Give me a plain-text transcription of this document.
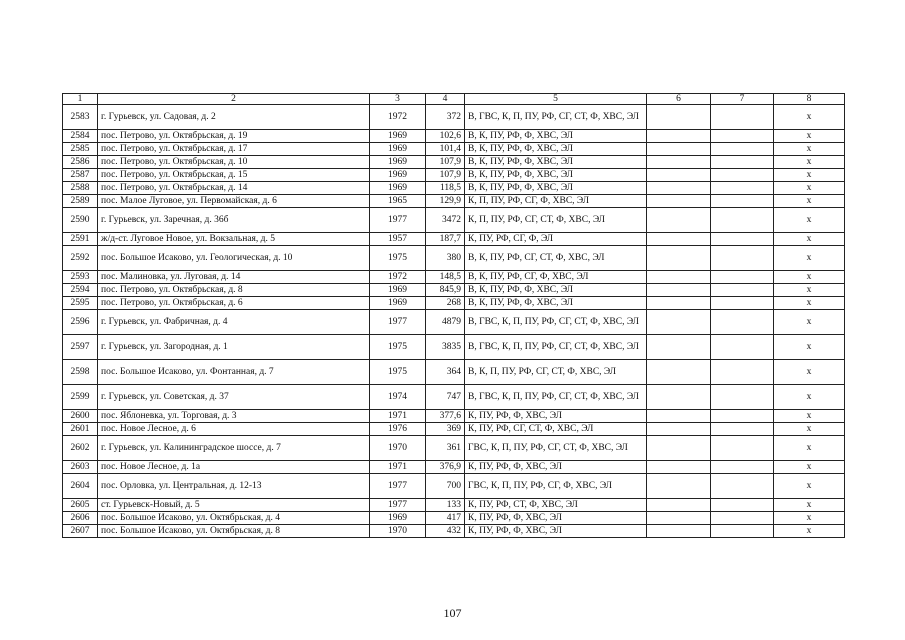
1	2	3	4	5	6	7	8
2583	г. Гурьевск, ул. Садовая, д. 2	1972	372	В, ГВС, К, П, ПУ, РФ, СГ, СТ, Ф, ХВС, ЭЛ			х
2584	пос. Петрово, ул. Октябрьская, д. 19	1969	102,6	В, К, ПУ, РФ, Ф, ХВС, ЭЛ			х
2585	пос. Петрово, ул. Октябрьская, д. 17	1969	101,4	В, К, ПУ, РФ, Ф, ХВС, ЭЛ			х
2586	пос. Петрово, ул. Октябрьская, д. 10	1969	107,9	В, К, ПУ, РФ, Ф, ХВС, ЭЛ			х
2587	пос. Петрово, ул. Октябрьская, д. 15	1969	107,9	В, К, ПУ, РФ, Ф, ХВС, ЭЛ			х
2588	пос. Петрово, ул. Октябрьская, д. 14	1969	118,5	В, К, ПУ, РФ, Ф, ХВС, ЭЛ			х
2589	пос. Малое Луговое, ул. Первомайская, д. 6	1965	129,9	К, П, ПУ, РФ, СГ, Ф, ХВС, ЭЛ			х
2590	г. Гурьевск, ул. Заречная, д. 36б	1977	3472	К, П, ПУ, РФ, СГ, СТ, Ф, ХВС, ЭЛ			х
2591	ж/д-ст. Луговое Новое, ул. Вокзальная, д. 5	1957	187,7	К, ПУ, РФ, СГ, Ф, ЭЛ			х
2592	пос. Большое Исаково, ул. Геологическая, д. 10	1975	380	В, К, ПУ, РФ, СГ, СТ, Ф, ХВС, ЭЛ			х
2593	пос. Малиновка, ул. Луговая, д. 14	1972	148,5	В, К, ПУ, РФ, СГ, Ф, ХВС, ЭЛ			х
2594	пос. Петрово, ул. Октябрьская, д. 8	1969	845,9	В, К, ПУ, РФ, Ф, ХВС, ЭЛ			х
2595	пос. Петрово, ул. Октябрьская, д. 6	1969	268	В, К, ПУ, РФ, Ф, ХВС, ЭЛ			х
2596	г. Гурьевск, ул. Фабричная, д. 4	1977	4879	В, ГВС, К, П, ПУ, РФ, СГ, СТ, Ф, ХВС, ЭЛ			х
2597	г. Гурьевск, ул. Загородная, д. 1	1975	3835	В, ГВС, К, П, ПУ, РФ, СГ, СТ, Ф, ХВС, ЭЛ			х
2598	пос. Большое Исаково, ул. Фонтанная, д. 7	1975	364	В, К, П, ПУ, РФ, СГ, СТ, Ф, ХВС, ЭЛ			х
2599	г. Гурьевск, ул. Советская, д. 37	1974	747	В, ГВС, К, П, ПУ, РФ, СГ, СТ, Ф, ХВС, ЭЛ			х
2600	пос. Яблоневка, ул. Торговая, д. 3	1971	377,6	К, ПУ, РФ, Ф, ХВС, ЭЛ			х
2601	пос. Новое Лесное, д. 6	1976	369	К, ПУ, РФ, СГ, СТ, Ф, ХВС, ЭЛ			х
2602	г. Гурьевск, ул. Калининградское шоссе, д. 7	1970	361	ГВС, К, П, ПУ, РФ, СГ, СТ, Ф, ХВС, ЭЛ			х
2603	пос. Новое Лесное, д. 1а	1971	376,9	К, ПУ, РФ, Ф, ХВС, ЭЛ			х
2604	пос. Орловка, ул. Центральная, д. 12-13	1977	700	ГВС, К, П, ПУ, РФ, СГ, Ф, ХВС, ЭЛ			х
2605	ст. Гурьевск-Новый, д. 5	1977	133	К, ПУ, РФ, СТ, Ф, ХВС, ЭЛ			х
2606	пос. Большое Исаково, ул. Октябрьская, д. 4	1969	417	К, ПУ, РФ, Ф, ХВС, ЭЛ			х
2607	пос. Большое Исаково, ул. Октябрьская, д. 8	1970	432	К, ПУ, РФ, Ф, ХВС, ЭЛ			х
107
